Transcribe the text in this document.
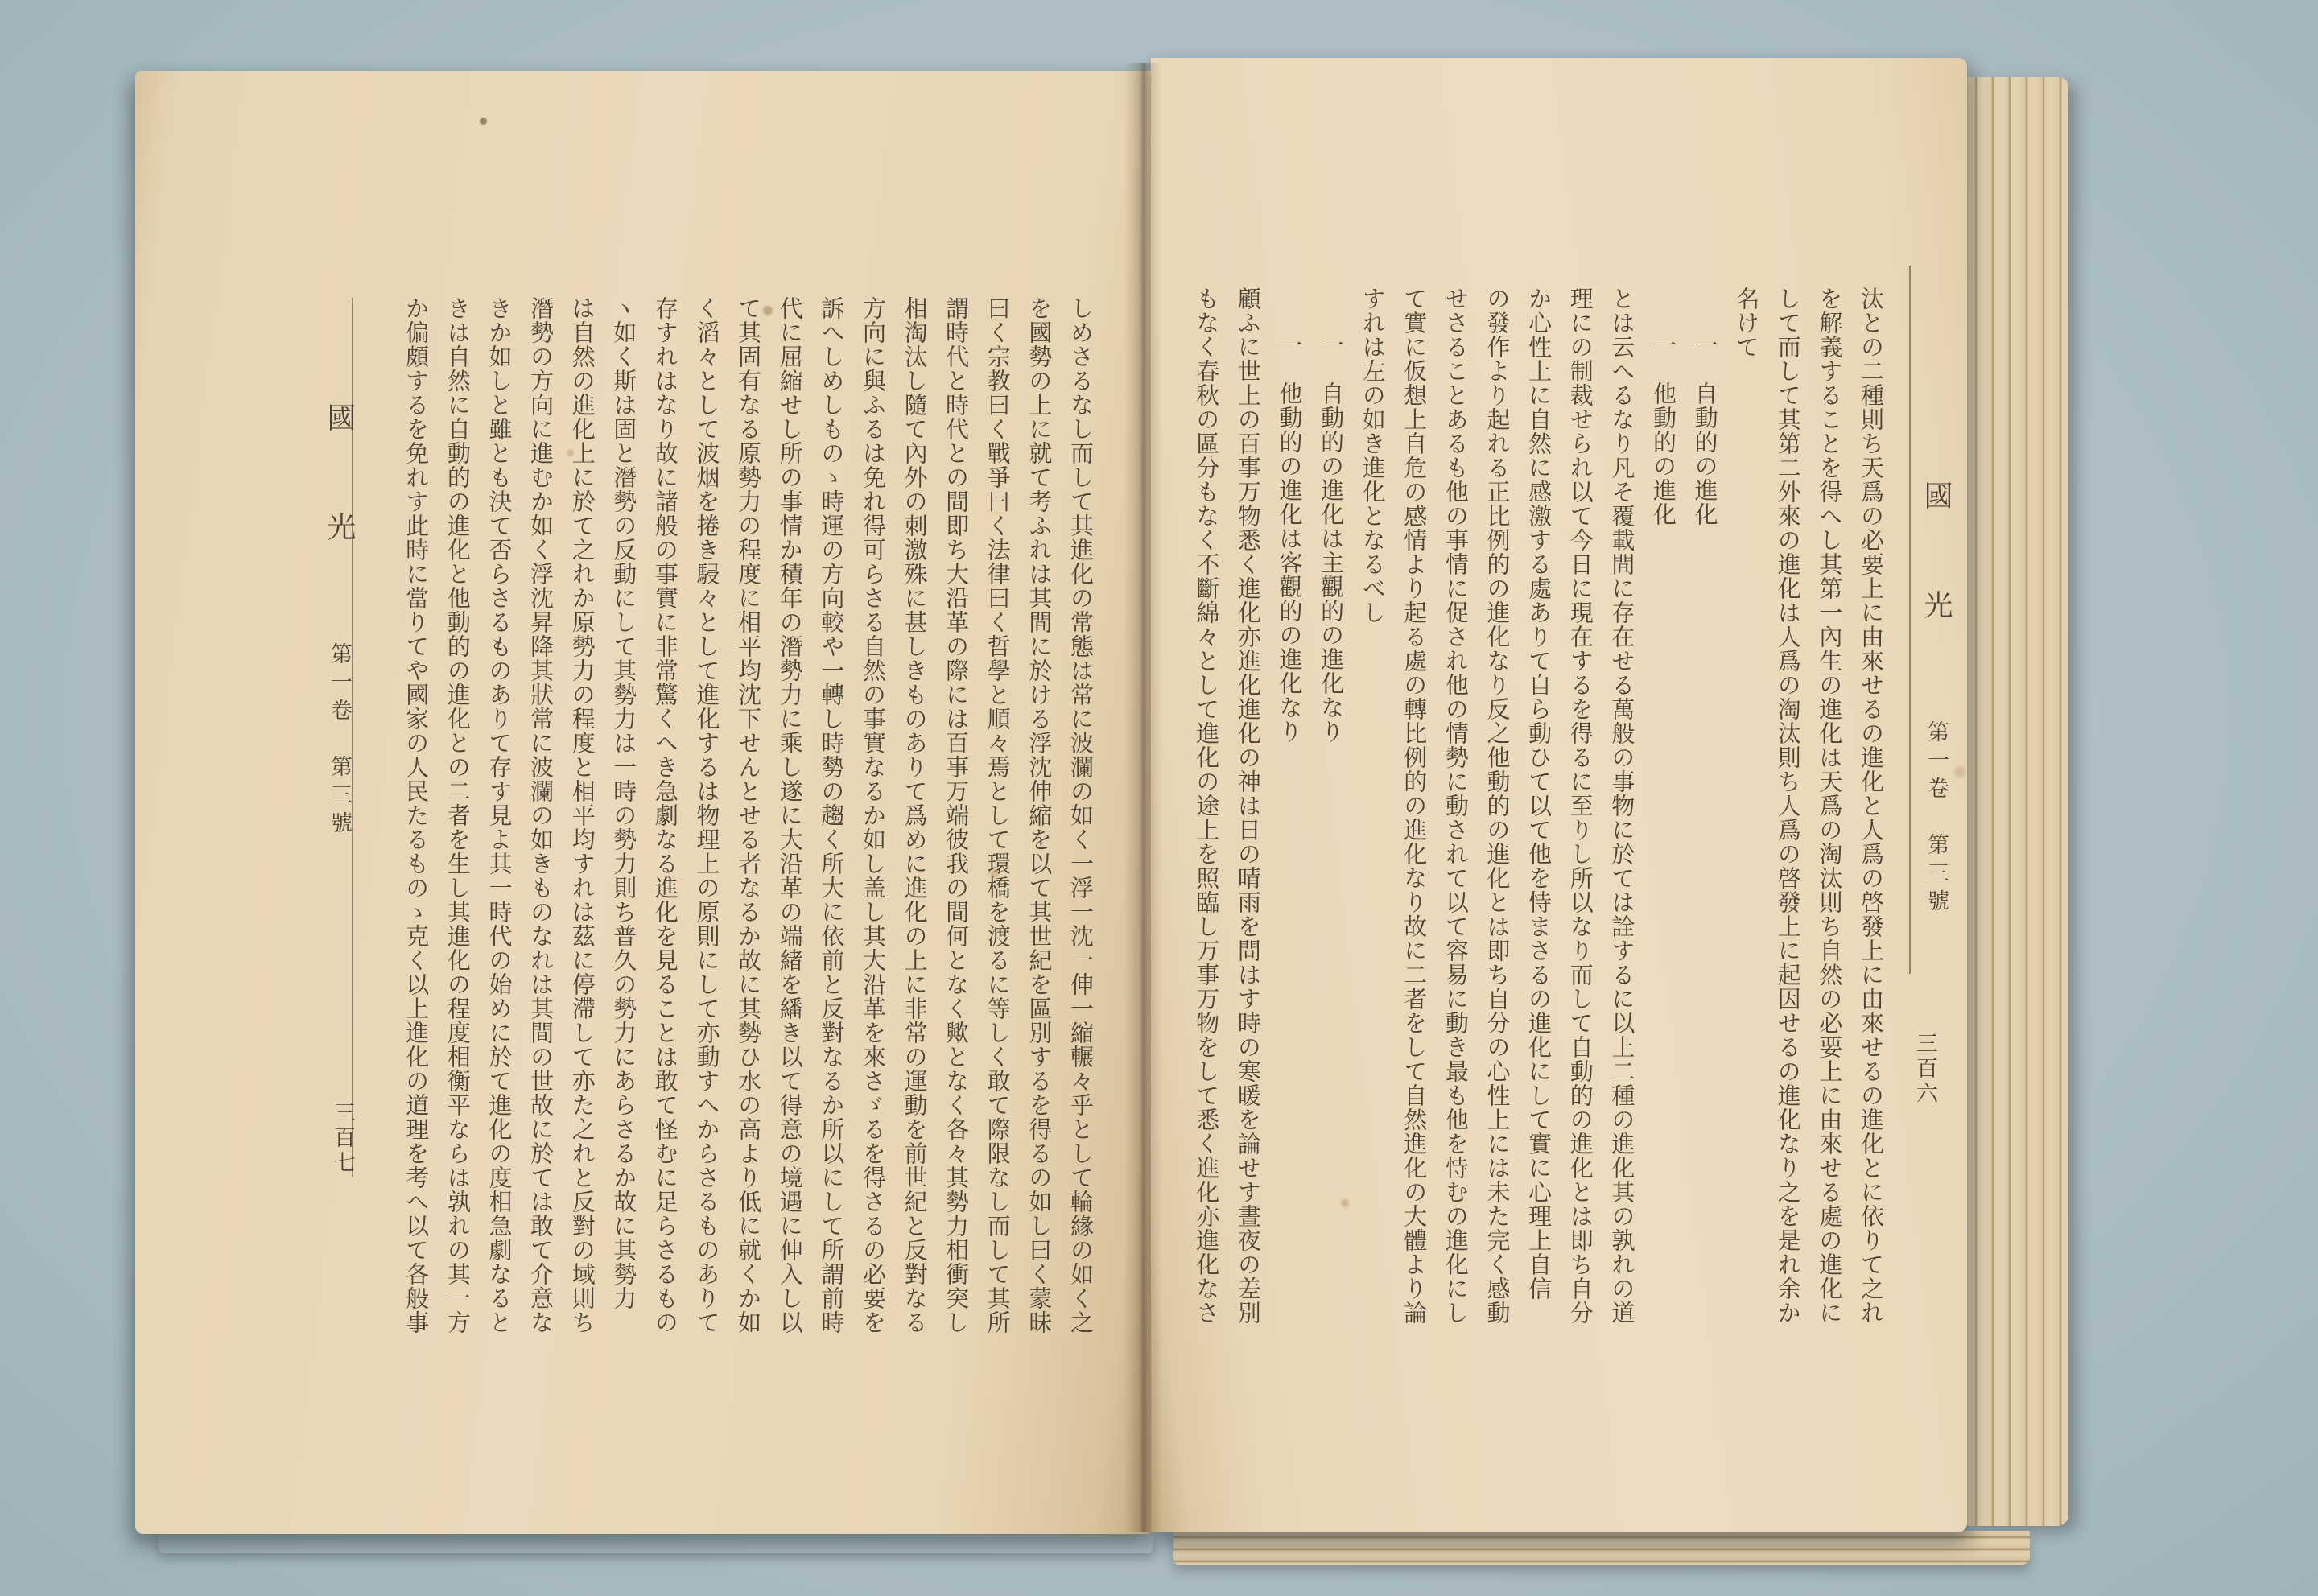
しめさるなし而して其進化の常態は常に波瀾の如く一浮一沈一伸一縮輾々乎として輪緣の如く之

を國勢の上に就て考ふれは其間に於ける浮沈伸縮を以て其世紀を區別するを得るの如し曰く蒙昧

曰く宗教曰く戰爭曰く法律曰く哲學と順々焉として環橋を渡るに等しく敢て際限なし而して其所

謂時代と時代との間即ち大沿革の際には百事万端彼我の間何となく歟となく各々其勢力相衝突し

相淘汰し隨て內外の刺激殊に甚しきものありて爲めに進化の上に非常の運動を前世紀と反對なる

方向に與ふるは免れ得可らさる自然の事實なるか如し盖し其大沿革を來さゞるを得さるの必要を

訴へしめしものゝ時運の方向較や一轉し時勢の趨く所大に依前と反對なるか所以にして所謂前時

代に屈縮せし所の事情か積年の潛勢力に乘し遂に大沿革の端緒を繙き以て得意の境遇に伸入し以

て其固有なる原勢力の程度に相平均沈下せんとせる者なるか故に其勢ひ水の高より低に就くか如

く滔々として波烟を捲き駸々として進化するは物理上の原則にして亦動すへからさるものありて

存すれはなり故に諸般の事實に非常驚くへき急劇なる進化を見ることは敢て怪むに足らさるもの

ヽ如く斯は固と潛勢の反動にして其勢力は一時の勢力則ち普久の勢力にあらさるか故に其勢力

は自然の進化上に於て之れか原勢力の程度と相平均すれは茲に停滯して亦た之れと反對の域則ち

潛勢の方向に進むか如く浮沈昇降其狀常に波瀾の如きものなれは其間の世故に於ては敢て介意な

きか如しと雖とも決て否らさるものありて存す見よ其一時代の始めに於て進化の度相急劇なると

きは自然に自動的の進化と他動的の進化との二者を生し其進化の程度相衡平ならは孰れの其一方

か偏頗するを免れす此時に當りてや國家の人民たるものゝ克く以上進化の道理を考へ以て各般事

國光第一卷　第三號
三百七	汰との二種則ち天爲の必要上に由來せるの進化と人爲の啓發上に由來せるの進化とに依りて之れ

を解義することを得へし其第一內生の進化は天爲の淘汰則ち自然の必要上に由來せる處の進化に

して而して其第二外來の進化は人爲の淘汰則ち人爲の啓發上に起因せるの進化なり之を是れ余か

名けて

一　自動的の進化

一　他動的の進化

とは云へるなり凡そ覆載間に存在せる萬般の事物に於ては詮するに以上二種の進化其の孰れの道

理にの制裁せられ以て今日に現在するを得るに至りし所以なり而して自動的の進化とは即ち自分

か心性上に自然に感激する處ありて自ら動ひて以て他を恃まさるの進化にして實に心理上自信

の發作より起れる正比例的の進化なり反之他動的の進化とは即ち自分の心性上には未た完く感動

せさることあるも他の事情に促され他の情勢に動されて以て容易に動き最も他を恃むの進化にし

て實に仮想上自危の感情より起る處の轉比例的の進化なり故に二者をして自然進化の大體より論

すれは左の如き進化となるべし

一　自動的の進化は主觀的の進化なり

一　他動的の進化は客觀的の進化なり

顧ふに世上の百事万物悉く進化亦進化進化の神は日の晴雨を問はす時の寒暖を論せす晝夜の差別

もなく春秋の區分もなく不斷綿々として進化の途上を照臨し万事万物をして悉く進化亦進化なさ	國光第一卷　第三號
三百六
